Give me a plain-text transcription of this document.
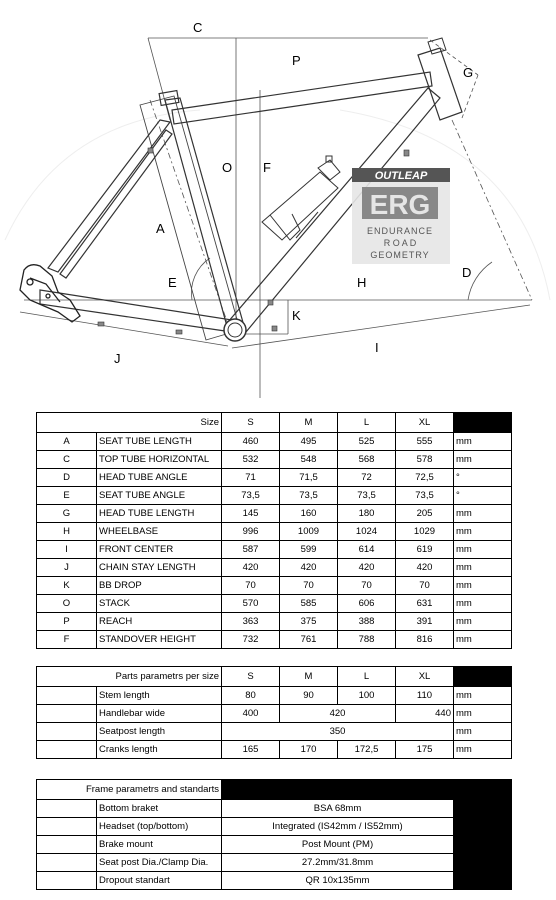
C
P
G
O F
A
E	H
D
K
I
J
OUTLEAP
ERG
ENDURANCE
R O A D
GEOMETRY
Size		S	M	L	XL	
A	SEAT TUBE LENGTH	460	495	525	555	mm
C	TOP TUBE HORIZONTAL	532	548	568	578	mm
D	HEAD TUBE ANGLE	71	71,5	72	72,5	°
E	SEAT TUBE ANGLE	73,5	73,5	73,5	73,5	°
G	HEAD TUBE LENGTH	145	160	180	205	mm
H	WHEELBASE	996	1009	1024	1029	mm
I	FRONT CENTER	587	599	614	619	mm
J	CHAIN STAY LENGTH	420	420	420	420	mm
K	BB DROP	70	70	70	70	mm
O	STACK	570	585	606	631	mm
P	REACH	363	375	388	391	mm
F	STANDOVER HEIGHT	732	761	788	816	mm
Parts parametrs per size		S	M	L	XL	
	Stem length	80	90	100	110	mm
	Handlebar wide	400	420		440	mm
	Seatpost length	350				mm
	Cranks length	165	170	172,5	175	mm
Frame parametrs and standarts			
	Bottom braket	BSA 68mm	
	Headset (top/bottom)	Integrated (IS42mm / IS52mm)	
	Brake mount	Post Mount (PM)	
	Seat post Dia./Clamp Dia.	27.2mm/31.8mm	
	Dropout standart	QR 10x135mm	
